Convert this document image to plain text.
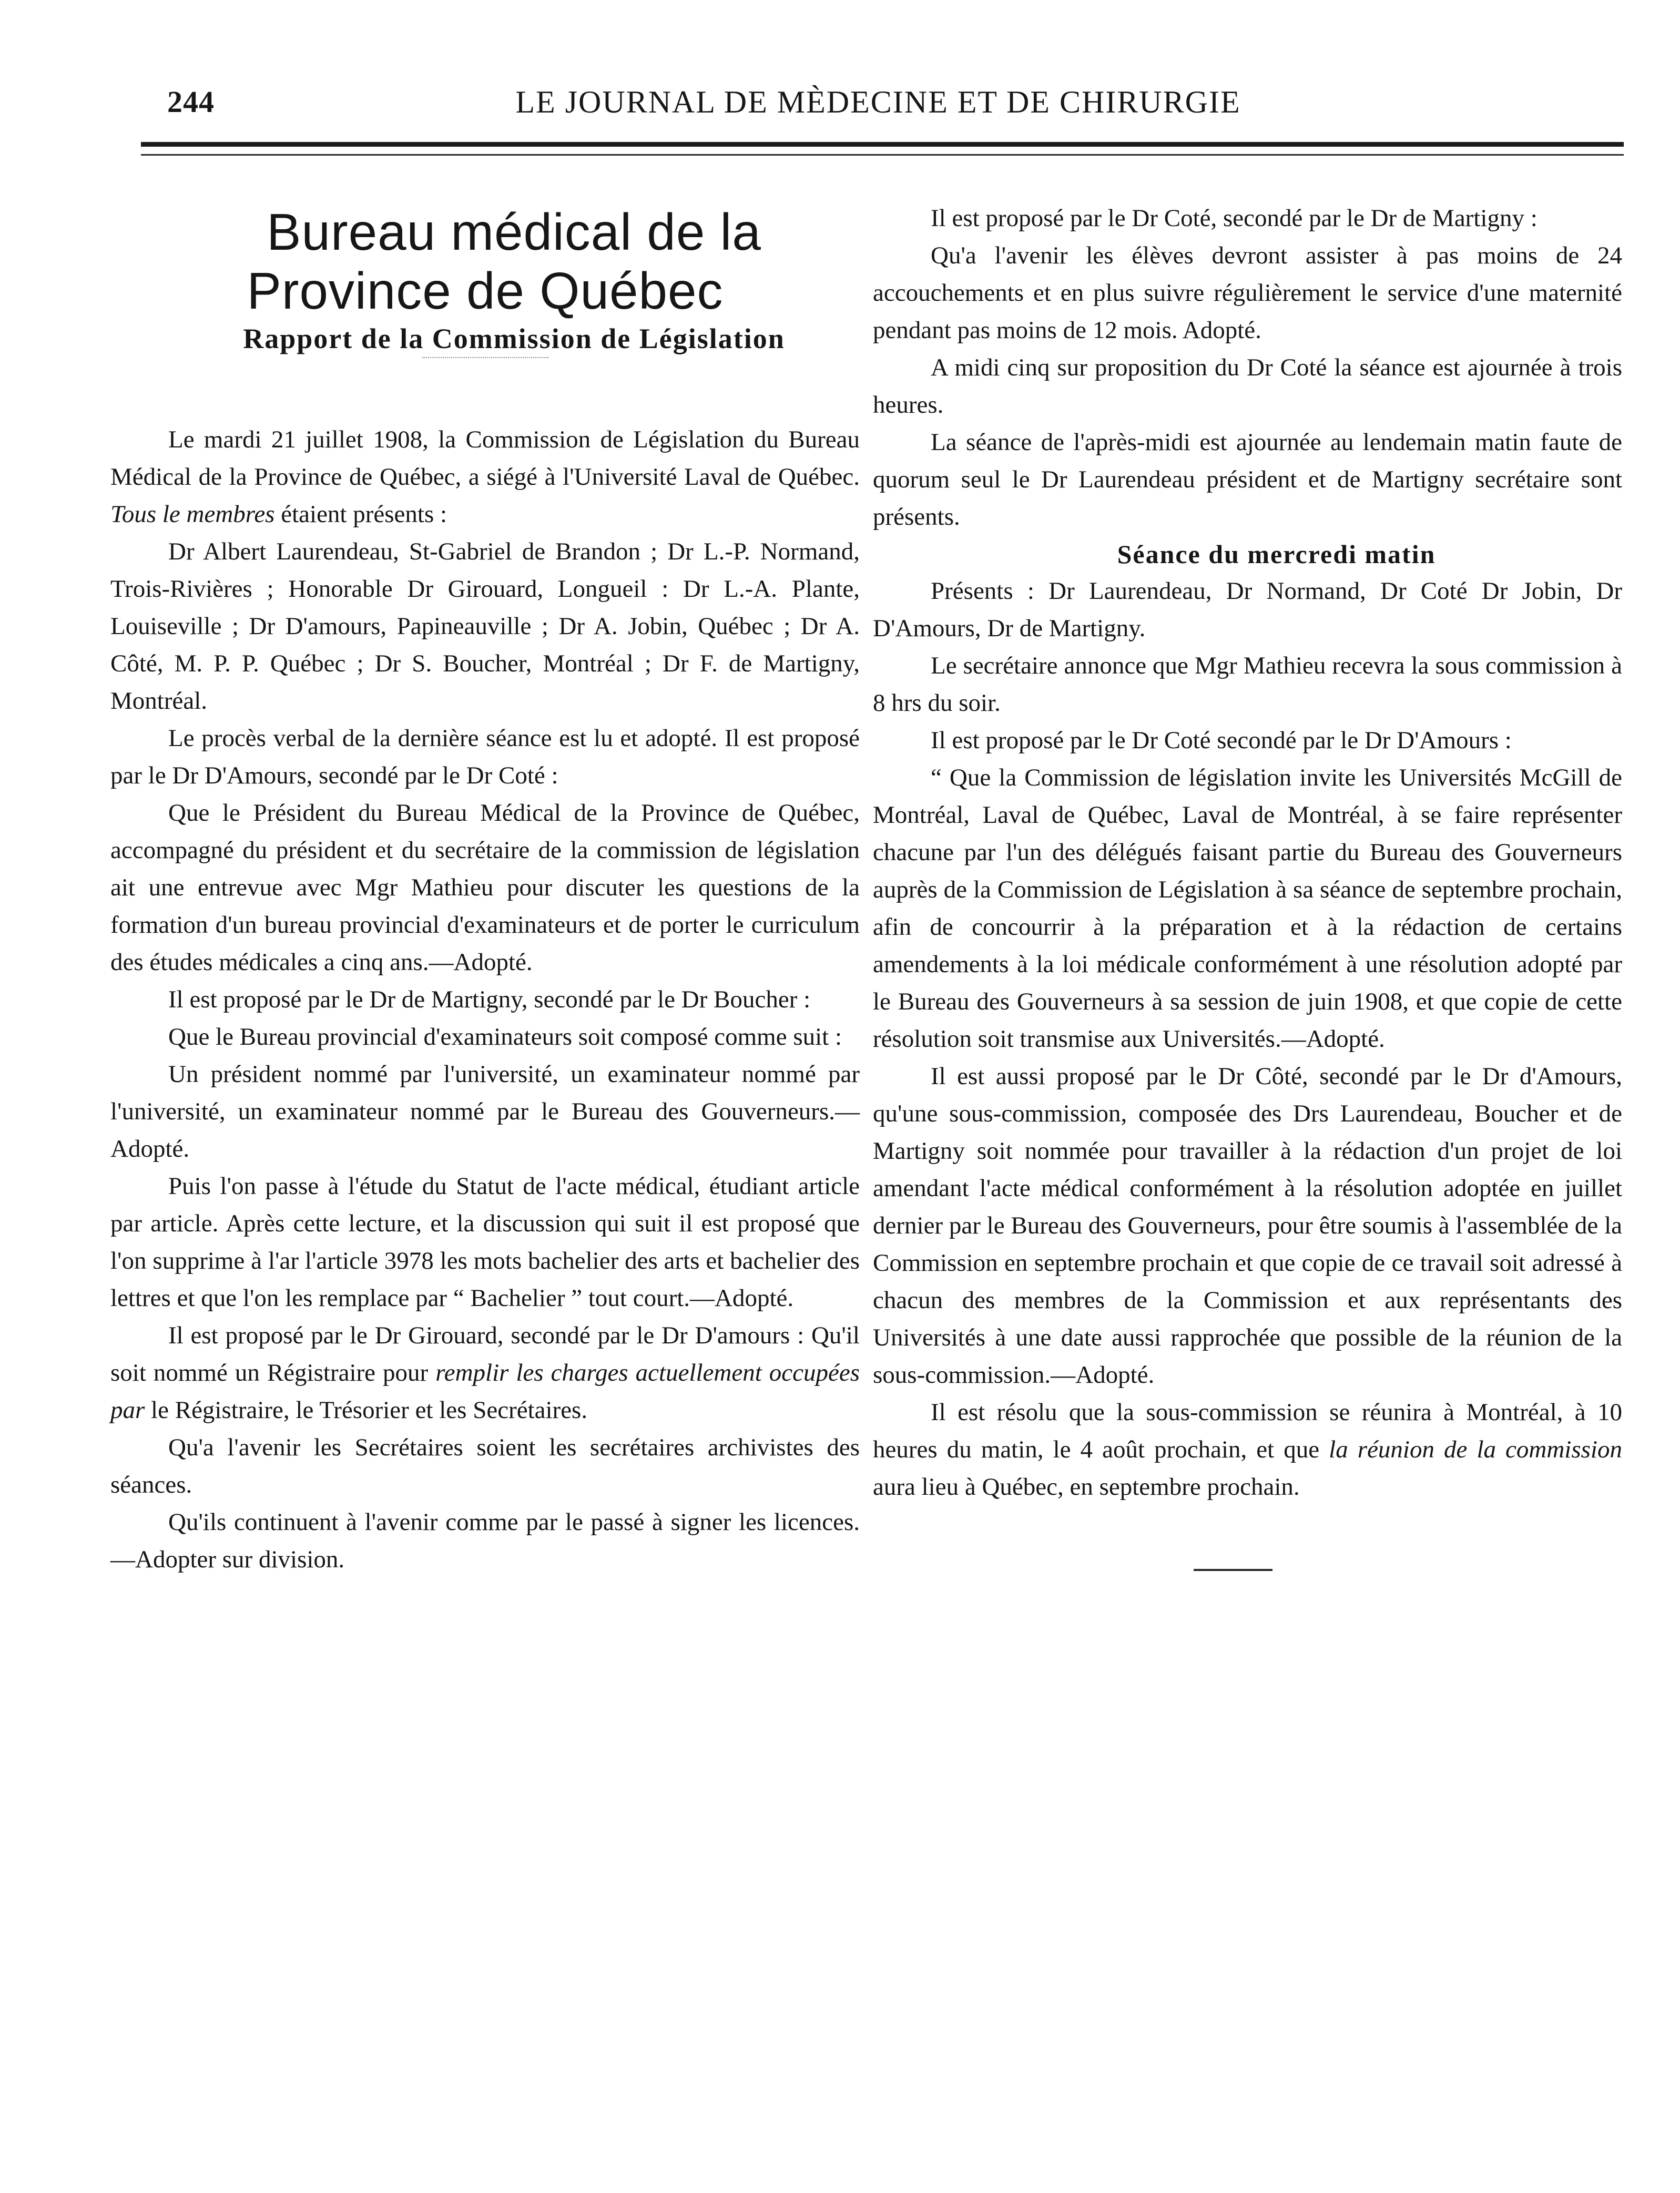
244	LE JOURNAL DE MÈDECINE ET DE CHIRURGIE

Bureau médical de la Province de Québec

Rapport de la Commission de Législation

Le mardi 21 juillet 1908, la Commission de Législation du Bureau Médical de la Province de Québec, a siégé à l'Université Laval de Québec. Tous le membres étaient présents :

Dr Albert Laurendeau, St-Gabriel de Brandon ; Dr L.-P. Normand, Trois-Rivières ; Honorable Dr Girouard, Longueil : Dr L.-A. Plante, Louiseville ; Dr D'amours, Papineauville ; Dr A. Jobin, Québec ; Dr A. Côté, M. P. P. Québec ; Dr S. Boucher, Montréal ; Dr F. de Martigny, Montréal.

Le procès verbal de la dernière séance est lu et adopté. Il est proposé par le Dr D'Amours, secondé par le Dr Coté :

Que le Président du Bureau Médical de la Province de Québec, accompagné du président et du secrétaire de la commission de législation ait une entrevue avec Mgr Mathieu pour discuter les questions de la formation d'un bureau provincial d'examinateurs et de porter le curriculum des études médicales a cinq ans.—Adopté.

Il est proposé par le Dr de Martigny, secondé par le Dr Boucher :

Que le Bureau provincial d'examinateurs soit composé comme suit :

Un président nommé par l'université, un examinateur nommé par l'université, un examinateur nommé par le Bureau des Gouverneurs.—Adopté.

Puis l'on passe à l'étude du Statut de l'acte médical, étudiant article par article. Après cette lecture, et la discussion qui suit il est proposé que l'on supprime à l'ar l'article 3978 les mots bachelier des arts et bachelier des lettres et que l'on les remplace par “ Bachelier ” tout court.—Adopté.

Il est proposé par le Dr Girouard, secondé par le Dr D'amours : Qu'il soit nommé un Régistraire pour remplir les charges actuellement occupées par le Régistraire, le Trésorier et les Secrétaires.

Qu'a l'avenir les Secrétaires soient les secrétaires archivistes des séances.

Qu'ils continuent à l'avenir comme par le passé à signer les licences.—Adopter sur division.

Il est proposé par le Dr Coté, secondé par le Dr de Martigny :

Qu'a l'avenir les élèves devront assister à pas moins de 24 accouchements et en plus suivre régulièrement le service d'une maternité pendant pas moins de 12 mois. Adopté.

A midi cinq sur proposition du Dr Coté la séance est ajournée à trois heures.

La séance de l'après-midi est ajournée au lendemain matin faute de quorum seul le Dr Laurendeau président et de Martigny secrétaire sont présents.

Séance du mercredi matin

Présents : Dr Laurendeau, Dr Normand, Dr Coté Dr Jobin, Dr D'Amours, Dr de Martigny.

Le secrétaire annonce que Mgr Mathieu recevra la sous commission à 8 hrs du soir.

Il est proposé par le Dr Coté secondé par le Dr D'Amours :

“ Que la Commission de législation invite les Universités McGill de Montréal, Laval de Québec, Laval de Montréal, à se faire représenter chacune par l'un des délégués faisant partie du Bureau des Gouverneurs auprès de la Commission de Législation à sa séance de septembre prochain, afin de concourrir à la préparation et à la rédaction de certains amendements à la loi médicale conformément à une résolution adopté par le Bureau des Gouverneurs à sa session de juin 1908, et que copie de cette résolution soit transmise aux Universités.—Adopté.

Il est aussi proposé par le Dr Côté, secondé par le Dr d'Amours, qu'une sous-commission, composée des Drs Laurendeau, Boucher et de Martigny soit nommée pour travailler à la rédaction d'un projet de loi amendant l'acte médical conformément à la résolution adoptée en juillet dernier par le Bureau des Gouverneurs, pour être soumis à l'assemblée de la Commission en septembre prochain et que copie de ce travail soit adressé à chacun des membres de la Commission et aux représentants des Universités à une date aussi rapprochée que possible de la réunion de la sous-commission.—Adopté.

Il est résolu que la sous-commission se réunira à Montréal, à 10 heures du matin, le 4 août prochain, et que la réunion de la commission aura lieu à Québec, en septembre prochain.
